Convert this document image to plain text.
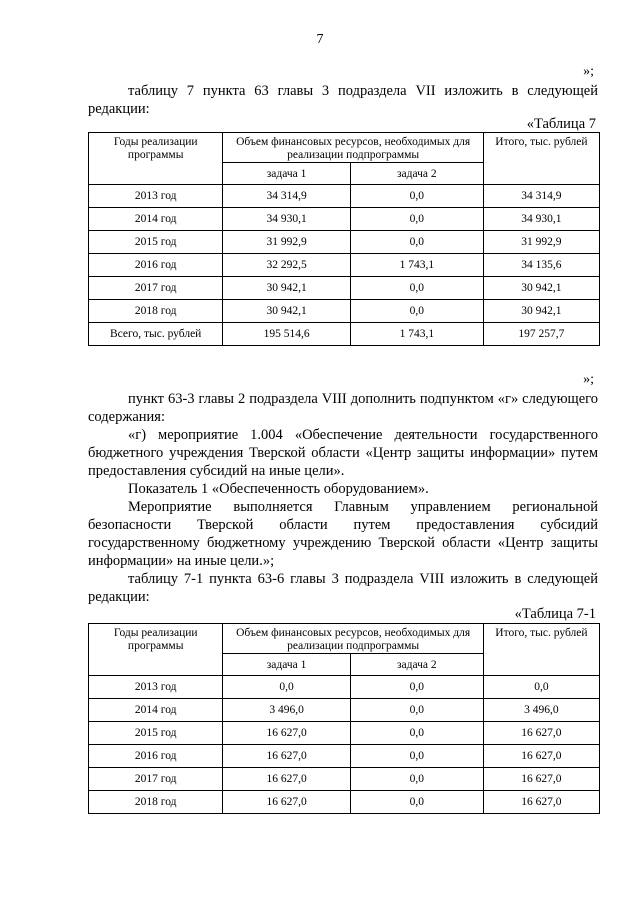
7
»;
таблицу 7 пункта 63 главы 3 подраздела VII изложить в следующей редакции:
«Таблица 7
Годы реализации программы	Объем финансовых ресурсов, необходимых для реализации подпрограммы		Итого, тыс. рублей
	задача 1	задача 2	
2013 год	34 314,9	0,0	34 314,9
2014 год	34 930,1	0,0	34 930,1
2015 год	31 992,9	0,0	31 992,9
2016 год	32 292,5	1 743,1	34 135,6
2017 год	30 942,1	0,0	30 942,1
2018 год	30 942,1	0,0	30 942,1
Всего, тыс. рублей	195 514,6	1 743,1	197 257,7
»;
пункт 63-3 главы 2 подраздела VIII дополнить подпунктом «г» следующего содержания:
«г) мероприятие 1.004 «Обеспечение деятельности государственного бюджетного учреждения Тверской области «Центр защиты информации» путем предоставления субсидий на иные цели».
Показатель 1 «Обеспеченность оборудованием».
Мероприятие выполняется Главным управлением региональной безопасности Тверской области путем предоставления субсидий государственному бюджетному учреждению Тверской области «Центр защиты информации» на иные цели.»;
таблицу 7-1 пункта 63-6 главы 3 подраздела VIII изложить в следующей редакции:
«Таблица 7-1
Годы реализации программы	Объем финансовых ресурсов, необходимых для реализации подпрограммы		Итого, тыс. рублей
	задача 1	задача 2	
2013 год	0,0	0,0	0,0
2014 год	3 496,0	0,0	3 496,0
2015 год	16 627,0	0,0	16 627,0
2016 год	16 627,0	0,0	16 627,0
2017 год	16 627,0	0,0	16 627,0
2018 год	16 627,0	0,0	16 627,0
